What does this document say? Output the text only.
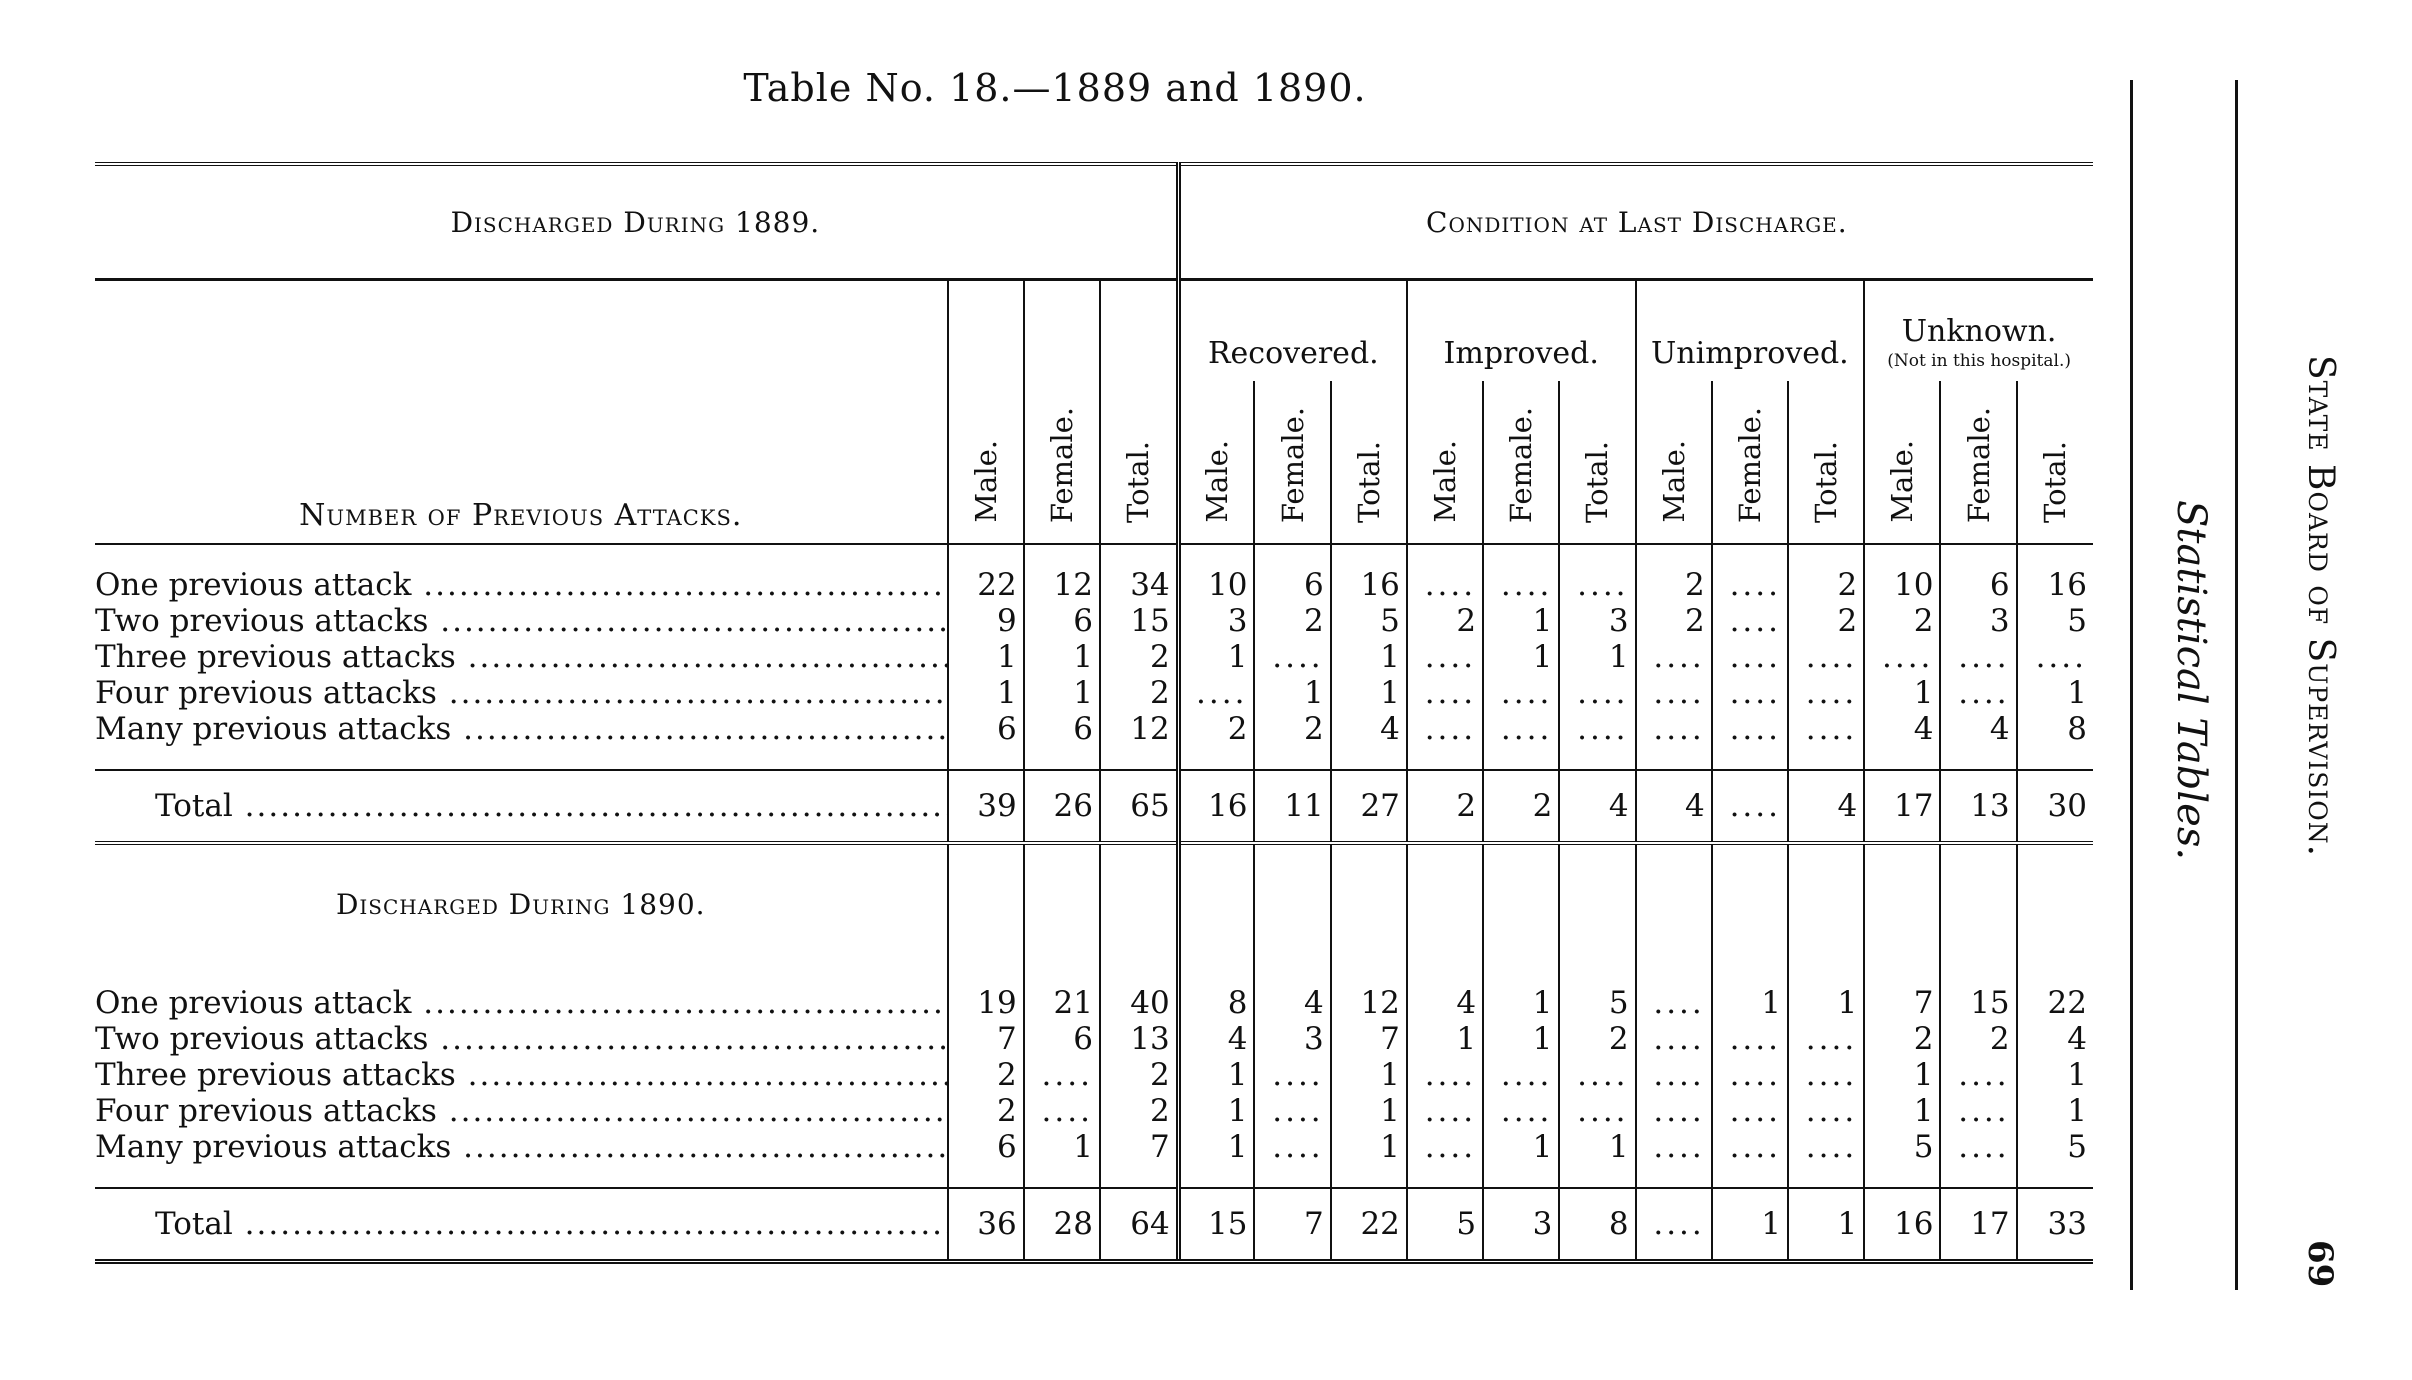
Table No. 18.—1889 and 1890.
Statistical Tables. State Board of Supervision.
69
Discharged During 1889.				Condition at Last Discharge.											
Number of Previous Attacks.	Male.	Female.	Total.	Recovered.			Improved.			Unimproved.			Unknown.
(Not in this hospital.)		

				Male.	Female.	Total.	Male.	Female.	Total.	Male.	Female.	Total.	Male.	Female.	Total.

One previous attack .....	22	12	34	10	6	16	....	....	....	2	....	2	10	6	16
Two previous attacks .....	9	6	15	3	2	5	2	1	3	2	....	2	2	3	5
Three previous attacks .....	1	1	2	1	....	1	....	1	1	....	....	....	....	....	....
Four previous attacks .....	1	1	2	....	1	1	....	....	....	....	....	....	1	....	1
Many previous attacks .....	6	6	12	2	2	4	....	....	....	....	....	....	4	4	8

Total .....	39	26	65	16	11	27	2	2	4	4	....	4	17	13	30
Discharged During 1890.															

One previous attack .....	19	21	40	8	4	12	4	1	5	....	1	1	7	15	22
Two previous attacks .....	7	6	13	4	3	7	1	1	2	....	....	....	2	2	4
Three previous attacks .....	2	....	2	1	....	1	....	....	....	....	....	....	1	....	1
Four previous attacks .....	2	....	2	1	....	1	....	....	....	....	....	....	1	....	1
Many previous attacks .....	6	1	7	1	....	1	....	1	1	....	....	....	5	....	5

Total .....	36	28	64	15	7	22	5	3	8	....	1	1	16	17	33
